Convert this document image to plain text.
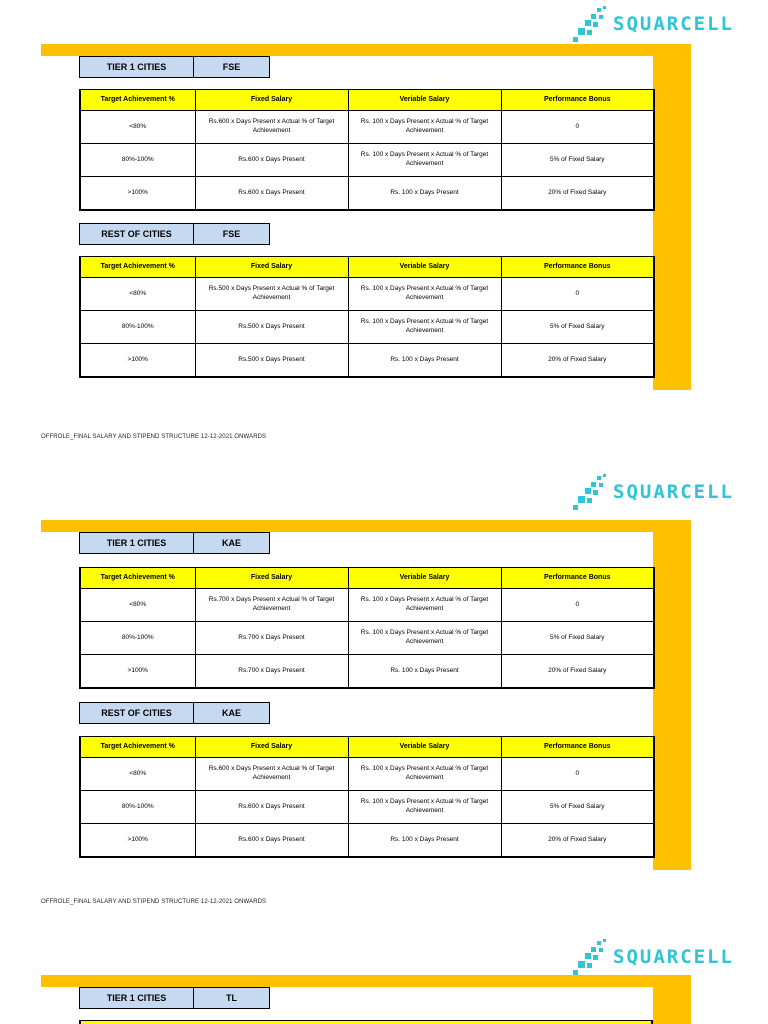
SQUARCELL
TIER 1 CITIES	FSE
Target Achievement %	Fixed Salary	Veriable Salary	Performance Bonus
<80%	Rs.600 x Days Present x Actual % of Target Achievement	Rs. 100 x Days Present x Actual % of Target Achievement	0
80%-100%	Rs.600 x Days Present	Rs. 100 x Days Present x Actual % of Target Achievement	5% of Fixed Salary
>100%	Rs.600 x Days Present	Rs. 100 x Days Present	20% of Fixed Salary
REST OF CITIES	FSE
Target Achievement %	Fixed Salary	Veriable Salary	Performance Bonus
<80%	Rs.500 x Days Present x Actual % of Target Achievement	Rs. 100 x Days Present x Actual % of Target Achievement	0
80%-100%	Rs.500 x Days Present	Rs. 100 x Days Present x Actual % of Target Achievement	5% of Fixed Salary
>100%	Rs.500 x Days Present	Rs. 100 x Days Present	20% of Fixed Salary
OFFROLE_FINAL SALARY AND STIPEND STRUCTURE 12-12-2021 ONWARDS
SQUARCELL
TIER 1 CITIES	KAE
Target Achievement %	Fixed Salary	Veriable Salary	Performance Bonus
<80%	Rs.700 x Days Present x Actual % of Target Achievement	Rs. 100 x Days Present x Actual % of Target Achievement	0
80%-100%	Rs.700 x Days Present	Rs. 100 x Days Present x Actual % of Target Achievement	5% of Fixed Salary
>100%	Rs.700 x Days Present	Rs. 100 x Days Present	20% of Fixed Salary
REST OF CITIES	KAE
Target Achievement %	Fixed Salary	Veriable Salary	Performance Bonus
<80%	Rs.600 x Days Present x Actual % of Target Achievement	Rs. 100 x Days Present x Actual % of Target Achievement	0
80%-100%	Rs.600 x Days Present	Rs. 100 x Days Present x Actual % of Target Achievement	5% of Fixed Salary
>100%	Rs.600 x Days Present	Rs. 100 x Days Present	20% of Fixed Salary
OFFROLE_FINAL SALARY AND STIPEND STRUCTURE 12-12-2021 ONWARDS
SQUARCELL
TIER 1 CITIES	TL
